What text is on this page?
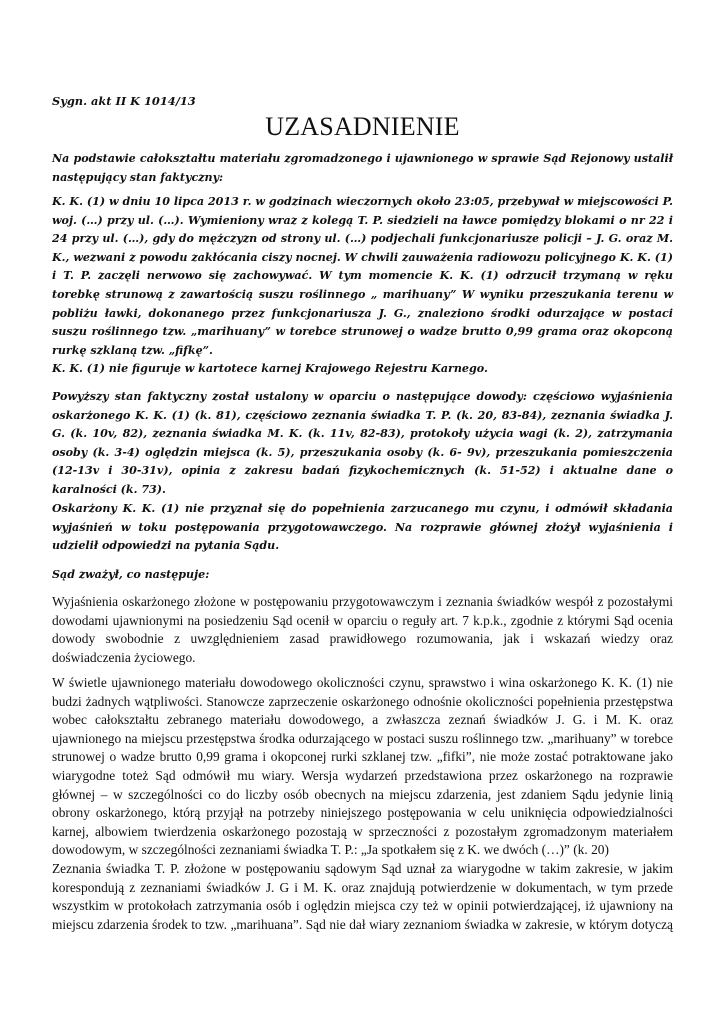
Sygn. akt II K 1014/13

UZASADNIENIE

Na podstawie całokształtu materiału zgromadzonego i ujawnionego w sprawie Sąd Rejonowy ustalił następujący stan faktyczny:

K. K. (1) w dniu 10 lipca 2013 r. w godzinach wieczornych około 23:05, przebywał w miejscowości P. woj. (…) przy ul. (…). Wymieniony wraz z kolegą T. P. siedzieli na ławce pomiędzy blokami o nr 22 i 24 przy ul. (…), gdy do mężczyzn od strony ul. (…) podjechali funkcjonariusze policji – J. G. oraz M. K., wezwani z powodu zakłócania ciszy nocnej. W chwili zauważenia radiowozu policyjnego K. K. (1) i T. P. zaczęli nerwowo się zachowywać. W tym momencie K. K. (1) odrzucił trzymaną w ręku torebkę strunową z zawartością suszu roślinnego „ marihuany” W wyniku przeszukania terenu w pobliżu ławki, dokonanego przez funkcjonariusza J. G., znaleziono środki odurzające w postaci suszu roślinnego tzw. „marihuany” w torebce strunowej o wadze brutto 0,99 grama oraz okopconą rurkę szklaną tzw. „fifkę”.

K. K. (1) nie figuruje w kartotece karnej Krajowego Rejestru Karnego.

Powyższy stan faktyczny został ustalony w oparciu o następujące dowody: częściowo wyjaśnienia oskarżonego K. K. (1) (k. 81), częściowo zeznania świadka T. P. (k. 20, 83-84), zeznania świadka J. G. (k. 10v, 82), zeznania świadka M. K. (k. 11v, 82-83), protokoły użycia wagi (k. 2), zatrzymania osoby (k. 3-4) oględzin miejsca (k. 5), przeszukania osoby (k. 6- 9v), przeszukania pomieszczenia (12-13v i 30-31v), opinia z zakresu badań fizykochemicznych (k. 51-52) i aktualne dane o karalności (k. 73).

Oskarżony K. K. (1) nie przyznał się do popełnienia zarzucanego mu czynu, i odmówił składania wyjaśnień w toku postępowania przygotowawczego. Na rozprawie głównej złożył wyjaśnienia i udzielił odpowiedzi na pytania Sądu.

Sąd zważył, co następuje:

Wyjaśnienia oskarżonego złożone w postępowaniu przygotowawczym i zeznania świadków wespół z pozostałymi dowodami ujawnionymi na posiedzeniu Sąd ocenił w oparciu o reguły art. 7 k.p.k., zgodnie z którymi Sąd ocenia dowody swobodnie z uwzględnieniem zasad prawidłowego rozumowania, jak i wskazań wiedzy oraz doświadczenia życiowego.

W świetle ujawnionego materiału dowodowego okoliczności czynu, sprawstwo i wina oskarżonego K. K. (1) nie budzi żadnych wątpliwości. Stanowcze zaprzeczenie oskarżonego odnośnie okoliczności popełnienia przestępstwa wobec całokształtu zebranego materiału dowodowego, a zwłaszcza zeznań świadków J. G. i M. K. oraz ujawnionego na miejscu przestępstwa środka odurzającego w postaci suszu roślinnego tzw. „marihuany” w torebce strunowej o wadze brutto 0,99 grama i okopconej rurki szklanej tzw. „fifki”, nie może zostać potraktowane jako wiarygodne toteż Sąd odmówił mu wiary. Wersja wydarzeń przedstawiona przez oskarżonego na rozprawie głównej – w szczególności co do liczby osób obecnych na miejscu zdarzenia, jest zdaniem Sądu jedynie linią obrony oskarżonego, którą przyjął na potrzeby niniejszego postępowania w celu uniknięcia odpowiedzialności karnej, albowiem twierdzenia oskarżonego pozostają w sprzeczności z pozostałym zgromadzonym materiałem dowodowym, w szczególności zeznaniami świadka T. P.: „Ja spotkałem się z K. we dwóch (…)” (k. 20)

Zeznania świadka T. P. złożone w postępowaniu sądowym Sąd uznał za wiarygodne w takim zakresie, w jakim korespondują z zeznaniami świadków J. G i M. K. oraz znajdują potwierdzenie w dokumentach, w tym przede wszystkim w protokołach zatrzymania osób i oględzin miejsca czy też w opinii potwierdzającej, iż ujawniony na miejscu zdarzenia środek to tzw. „marihuana”. Sąd nie dał wiary zeznaniom świadka w zakresie, w którym dotyczą
